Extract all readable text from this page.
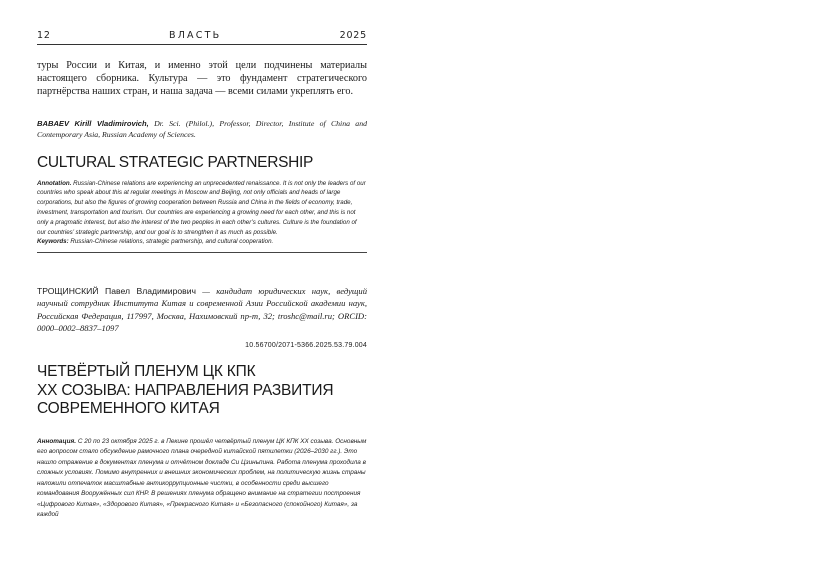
12	ВЛАСТЬ	2025

туры России и Китая, и именно этой цели подчинены материалы настоящего сборника. Культура — это фундамент стратегического партнёрства наших стран, и наша задача — всеми силами укреплять его.

BABAEV Kirill Vladimirovich, Dr. Sci. (Philol.), Professor, Director, Institute of China and Contemporary Asia, Russian Academy of Sciences.
CULTURAL STRATEGIC PARTNERSHIP
Annotation. Russian-Chinese relations are experiencing an unprecedented renaissance. It is not only the leaders of our countries who speak about this at regular meetings in Moscow and Beijing, not only officials and heads of large corporations, but also the figures of growing cooperation between Russia and China in the fields of economy, trade, investment, transportation and tourism. Our countries are experiencing a growing need for each other, and this is not only a pragmatic interest, but also the interest of the two peoples in each other’s cultures. Culture is the foundation of our countries’ strategic partnership, and our goal is to strengthen it as much as possible.
Keywords: Russian-Chinese relations, strategic partnership, and cultural cooperation.
ТРОЩИНСКИЙ Павел Владимирович — кандидат юридических наук, ведущий научный сотрудник Института Китая и современной Азии Российской академии наук, Российская Федерация, 117997, Москва, Нахимовский пр-т, 32; troshc@mail.ru; ORCID: 0000–0002–8837–1097
10.56700/2071-5366.2025.53.79.004
ЧЕТВЁРТЫЙ ПЛЕНУМ ЦК КПК
XX СОЗЫВА: НАПРАВЛЕНИЯ РАЗВИТИЯ
СОВРЕМЕННОГО КИТАЯ
Аннотация. С 20 по 23 октября 2025 г. в Пекине прошёл четвёртый пленум ЦК КПК XX созыва. Основным его вопросом стало обсуждение рамочного плана очередной китайской пятилетки (2026–2030 гг.). Это нашло отражение в документах пленума и отчётном докладе Си Цзиньпина. Работа пленума проходила в сложных условиях. Помимо внутренних и внешних экономических проблем, на политическую жизнь страны наложили отпечаток масштабные антикоррупционные чистки, в особенности среди высшего командования Вооружённых сил КНР. В решениях пленума обращено внимание на стратегии построения «Цифрового Китая», «Здорового Китая», «Прекрасного Китая» и «Безопасного (спокойного) Китая», за каждой
